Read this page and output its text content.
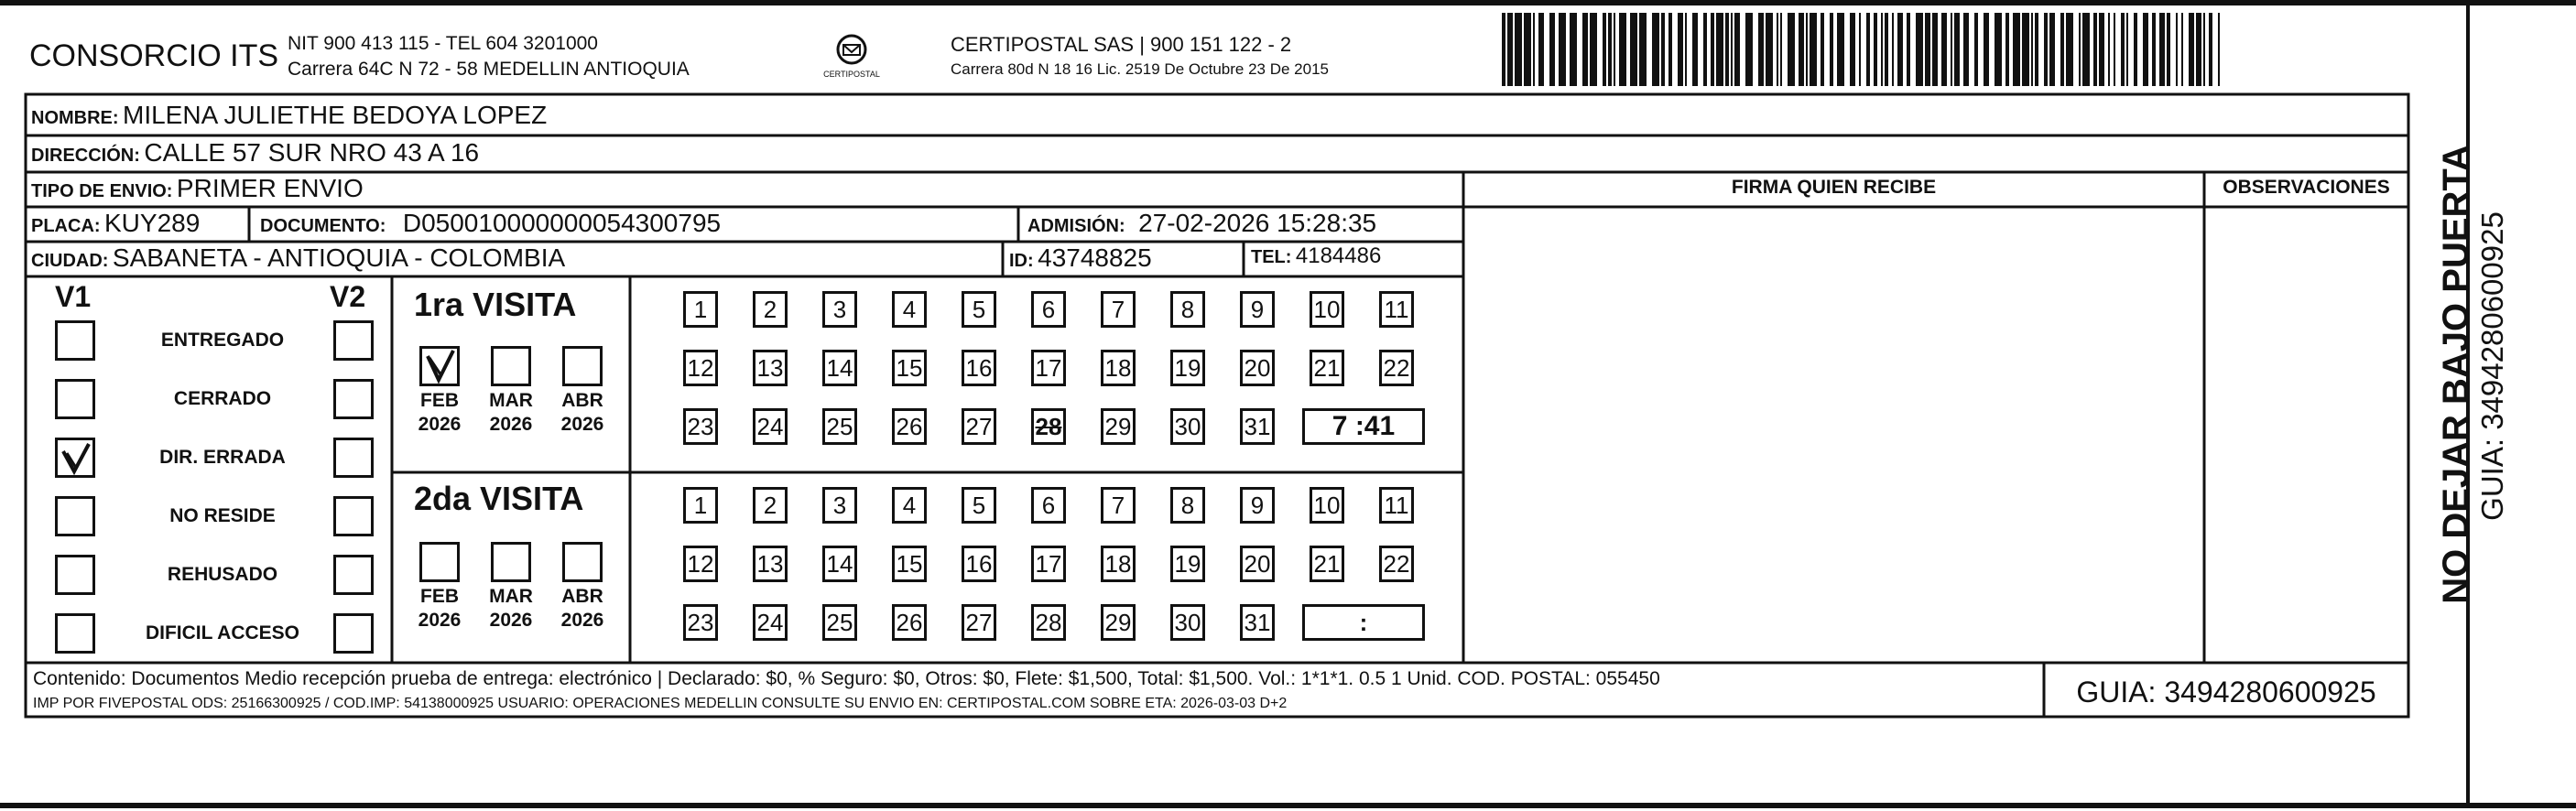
CONSORCIO ITS NIT 900 413 115 - TEL 604 3201000
Carrera 64C N 72 - 58 MEDELLIN ANTIOQUIA	CERTIPOSTAL
CERTIPOSTAL SAS | 900 151 122 - 2
Carrera 80d N 18 16 Lic. 2519 De Octubre 23 De 2015
NOMBRE: MILENA JULIETHE BEDOYA LOPEZ
DIRECCIÓN: CALLE 57 SUR NRO 43 A 16
TIPO DE ENVIO: PRIMER ENVIO
PLACA: KUY289	DOCUMENTO: D050010000000054300795	ADMISIÓN: 27-02-2026 15:28:35
CIUDAD: SABANETA - ANTIOQUIA - COLOMBIA	ID: 43748825	TEL: 4184486
FIRMA QUIEN RECIBE	OBSERVACIONES
V1	V2
ENTREGADO
CERRADO
DIR. ERRADA
NO RESIDE
REHUSADO
DIFICIL ACCESO
1ra VISITA
2da VISITA
FEB
2026
MAR
2026
ABR
2026
1	2	3	4	5	6	7	8	9	10 11
12 13 14 15 16 17 18 19 20 21 22
23 24 25 26 27 28 29 30 31	7 :41
FEB
2026
MAR
2026
ABR
2026
1	2	3	4	5	6	7	8	9	10 11
12 13 14 15 16 17 18 19 20 21 22
23 24 25 26 27 28 29 30 31	:
Contenido: Documentos Medio recepción prueba de entrega: electrónico | Declarado: $0, % Seguro: $0, Otros: $0, Flete: $1,500, Total: $1,500. Vol.: 1*1*1. 0.5 1 Unid. COD. POSTAL: 055450
IMP POR FIVEPOSTAL ODS: 25166300925 / COD.IMP: 54138000925 USUARIO: OPERACIONES MEDELLIN CONSULTE SU ENVIO EN: CERTIPOSTAL.COM SOBRE ETA: 2026-03-03 D+2	GUIA: 3494280600925
NO DEJAR BAJO PUERTA GUIA: 3494280600925
